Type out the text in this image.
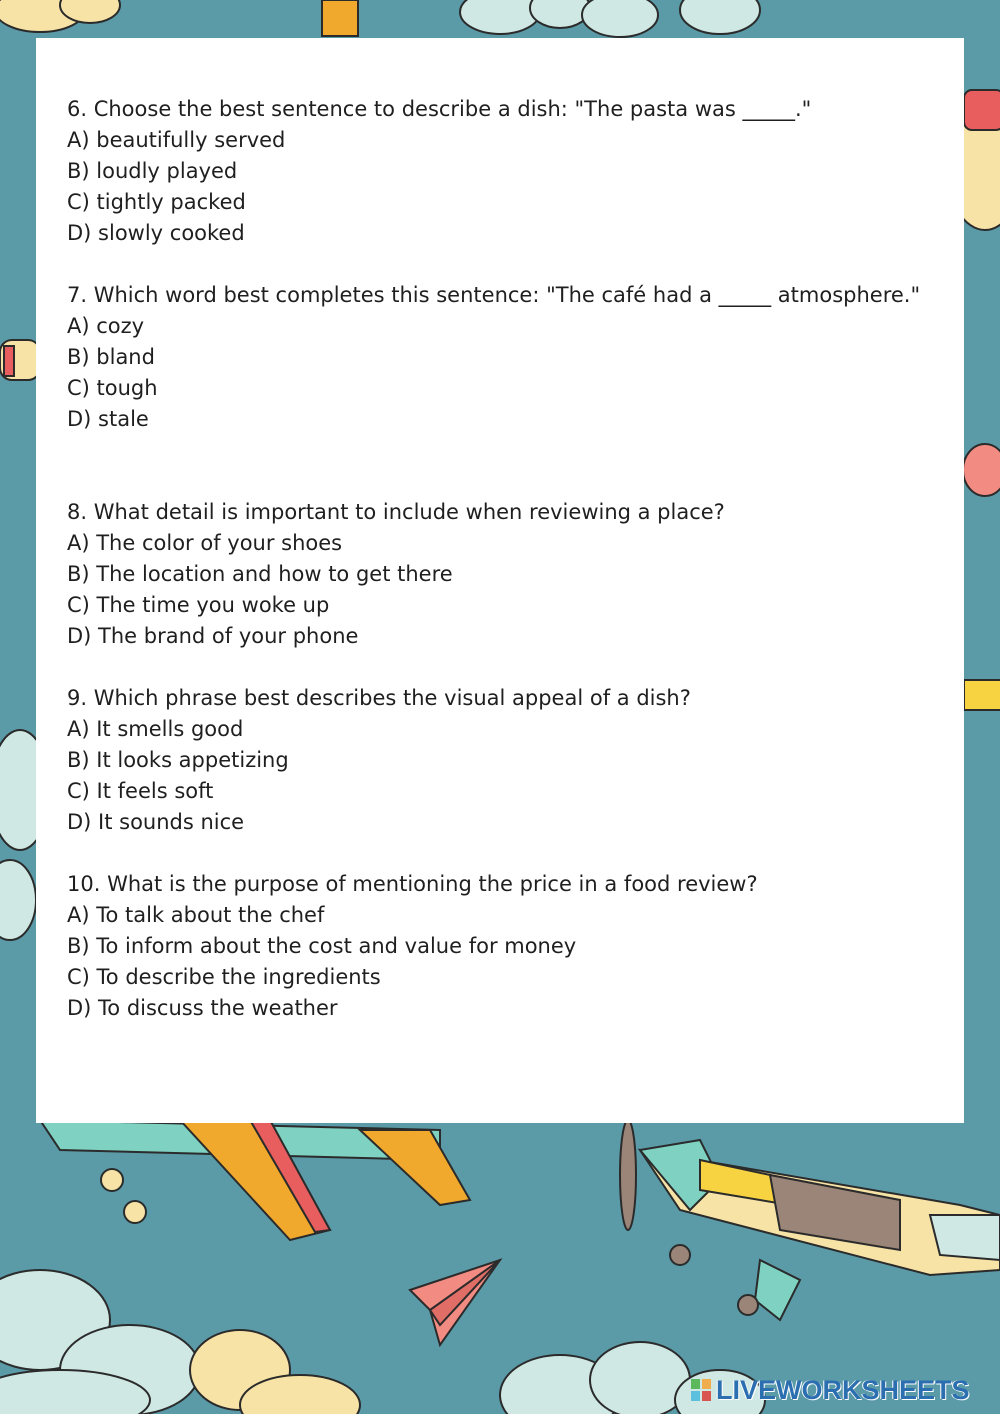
6. Choose the best sentence to describe a dish: "The pasta was _____."

A) beautifully served

B) loudly played

C) tightly packed

D) slowly cooked

7. Which word best completes this sentence: "The café had a _____ atmosphere."

A) cozy

B) bland

C) tough

D) stale

8. What detail is important to include when reviewing a place?

A) The color of your shoes

B) The location and how to get there

C) The time you woke up

D) The brand of your phone

9. Which phrase best describes the visual appeal of a dish?

A) It smells good

B) It looks appetizing

C) It feels soft

D) It sounds nice

10. What is the purpose of mentioning the price in a food review?

A) To talk about the chef

B) To inform about the cost and value for money

C) To describe the ingredients

D) To discuss the weather

LIVEWORKSHEETS
